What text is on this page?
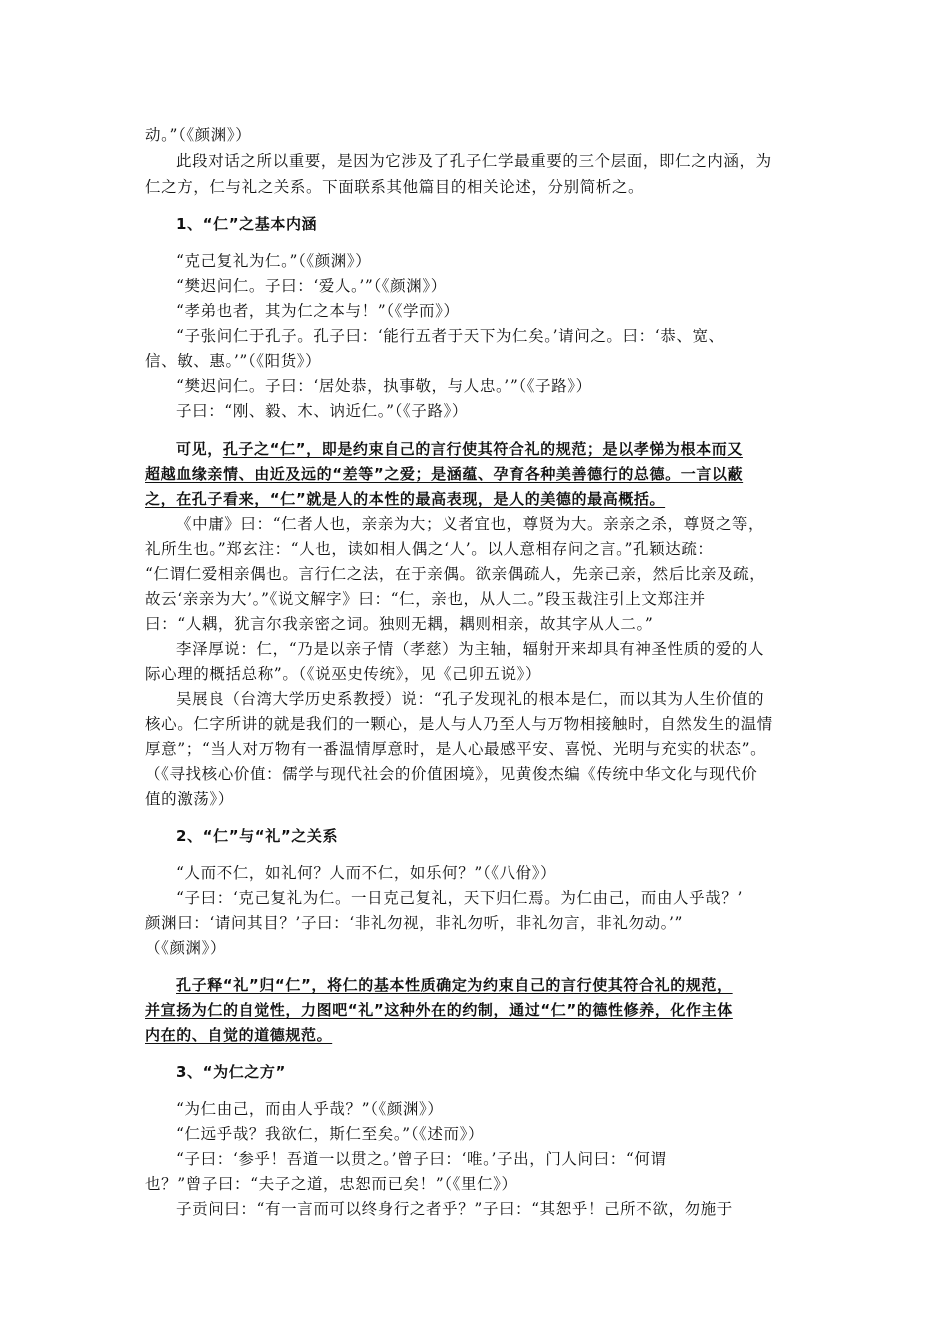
动。”（《颜渊》）
此段对话之所以重要，是因为它涉及了孔子仁学最重要的三个层面，即仁之内涵，为
仁之方，仁与礼之关系。下面联系其他篇目的相关论述，分别简析之。
1、“仁”之基本内涵
“克己复礼为仁。”（《颜渊》）
“樊迟问仁。子曰：‘爱人。’”（《颜渊》）
“孝弟也者，其为仁之本与！”（《学而》）
“子张问仁于孔子。孔子曰：‘能行五者于天下为仁矣。’请问之。曰：‘恭、宽、
信、敏、惠。’”（《阳货》）
“樊迟问仁。子曰：‘居处恭，执事敬，与人忠。’”（《子路》）
子曰：“刚、毅、木、讷近仁。”（《子路》）
可见，孔子之“仁”，即是约束自己的言行使其符合礼的规范；是以孝悌为根本而又
超越血缘亲情、由近及远的“差等”之爱；是涵蕴、孕育各种美善德行的总德。一言以蔽
之，在孔子看来，“仁”就是人的本性的最高表现，是人的美德的最高概括。
《中庸》曰：“仁者人也，亲亲为大；义者宜也，尊贤为大。亲亲之杀，尊贤之等，
礼所生也。”郑玄注：“人也，读如相人偶之‘人’。以人意相存问之言。”孔颖达疏：
“仁谓仁爱相亲偶也。言行仁之法，在于亲偶。欲亲偶疏人，先亲己亲，然后比亲及疏，
故云‘亲亲为大’。”《说文解字》曰：“仁，亲也，从人二。”段玉裁注引上文郑注并
曰：“人耦，犹言尔我亲密之词。独则无耦，耦则相亲，故其字从人二。”
李泽厚说：仁，“乃是以亲子情（孝慈）为主轴，辐射开来却具有神圣性质的爱的人
际心理的概括总称”。（《说巫史传统》，见《己卯五说》）
吴展良（台湾大学历史系教授）说：“孔子发现礼的根本是仁，而以其为人生价值的
核心。仁字所讲的就是我们的一颗心，是人与人乃至人与万物相接触时，自然发生的温情
厚意”；“当人对万物有一番温情厚意时，是人心最感平安、喜悦、光明与充实的状态”。
（《寻找核心价值：儒学与现代社会的价值困境》，见黄俊杰编《传统中华文化与现代价
值的激荡》）
2、“仁”与“礼”之关系
“人而不仁，如礼何？人而不仁，如乐何？”（《八佾》）
“子曰：‘克己复礼为仁。一日克己复礼，天下归仁焉。为仁由己，而由人乎哉？’
颜渊曰：‘请问其目？’子曰：‘非礼勿视，非礼勿听，非礼勿言，非礼勿动。’”
（《颜渊》）
孔子释“礼”归“仁”，将仁的基本性质确定为约束自己的言行使其符合礼的规范，
并宣扬为仁的自觉性，力图吧“礼”这种外在的约制，通过“仁”的德性修养，化作主体
内在的、自觉的道德规范。
3、“为仁之方”
“为仁由己，而由人乎哉？”（《颜渊》）
“仁远乎哉？我欲仁，斯仁至矣。”（《述而》）
“子曰：‘参乎！吾道一以贯之。’曾子曰：‘唯。’子出，门人问曰：“何谓
也？”曾子曰：“夫子之道，忠恕而已矣！”（《里仁》）
子贡问曰：“有一言而可以终身行之者乎？”子曰：“其恕乎！己所不欲，勿施于
